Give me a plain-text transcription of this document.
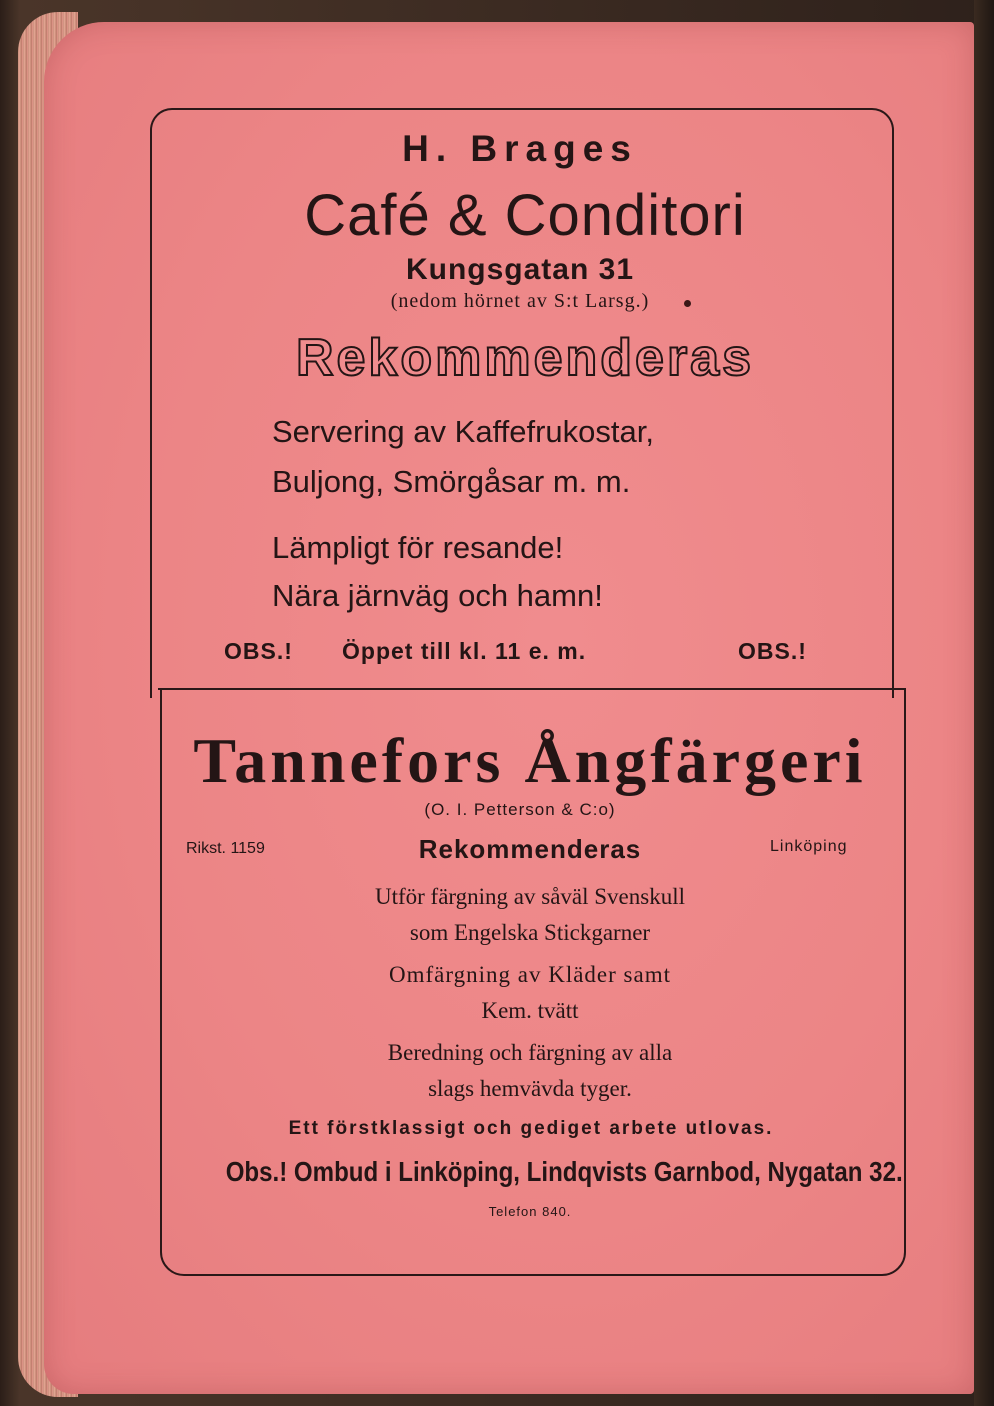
H. Brages
Café & Conditori
Kungsgatan 31
(nedom hörnet av S:t Larsg.)
Rekommenderas
Servering av Kaffefrukostar,
Buljong, Smörgåsar m. m.
Lämpligt för resande!
Nära järnväg och hamn!
OBS.! Öppet till kl. 11 e. m.	OBS.!
Tannefors Ångfärgeri
(O. I. Petterson & C:o)
Rikst. 1159	Rekommenderas	Linköping
Utför färgning av såväl Svenskull
som Engelska Stickgarner
Omfärgning av Kläder samt
Kem. tvätt
Beredning och färgning av alla
slags hemvävda tyger.
Ett förstklassigt och gediget arbete utlovas.
Obs.! Ombud i Linköping, Lindqvists Garnbod, Nygatan 32.
Telefon 840.
